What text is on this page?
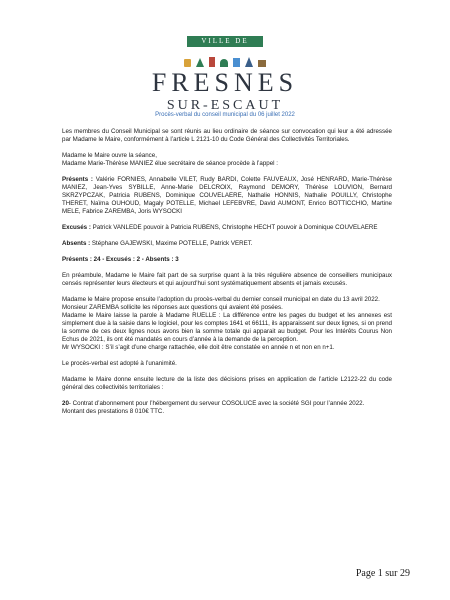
VILLE DE
FRESNES
SUR-ESCAUT
Procès-verbal du conseil municipal du 06 juillet 2022

Les membres du Conseil Municipal se sont réunis au lieu ordinaire de séance sur convocation qui leur a été adressée par Madame le Maire, conformément à l’article L 2121-10 du Code Général des Collectivités Territoriales.

Madame le Maire ouvre la séance,

Madame Marie-Thérèse MANIEZ élue secrétaire de séance procède à l’appel :

Présents : Valérie FORNIES, Annabelle VILET, Rudy BARDI, Colette FAUVEAUX, José HENRARD, Marie-Thérèse MANIEZ, Jean-Yves SYBILLE, Anne-Marie DELCROIX, Raymond DEMORY, Thérèse LOUVION, Bernard SKRZYPCZAK, Patricia RUBENS, Dominique COUVELAERE, Nathalie HONNIS, Nathalie POUILLY, Christophe THERET, Naïma OUHOUD, Magaly POTELLE, Michael LEFEBVRE, David AUMONT, Enrico BOTTICCHIO, Martine MELE, Fabrice ZAREMBA, Joris WYSOCKI

Excusés : Patrick VANLEDE pouvoir à Patricia RUBENS, Christophe HECHT pouvoir à Dominique COUVELAERE

Absents : Stéphane GAJEWSKI, Maxime POTELLE, Patrick VERET.

Présents : 24 - Excusés : 2 - Absents : 3

En préambule, Madame le Maire fait part de sa surprise quant à la très régulière absence de conseillers municipaux censés représenter leurs électeurs et qui aujourd’hui sont systématiquement absents et jamais excusés.

Madame le Maire propose ensuite l’adoption du procès-verbal du dernier conseil municipal en date du 13 avril 2022.

Monsieur ZAREMBA sollicite les réponses aux questions qui avaient été posées.

Madame le Maire laisse la parole à Madame RUELLE : La différence entre les pages du budget et les annexes est simplement due à la saisie dans le logiciel, pour les comptes 1641 et 66111, ils apparaissent sur deux lignes, si on prend la somme de ces deux lignes nous avons bien la somme totale qui apparait au budget. Pour les Intérêts Courus Non Echus de 2021, ils ont été mandatés en cours d’année à la demande de la perception.

Mr WYSOCKI : S’il s’agit d’une charge rattachée, elle doit être constatée en année n et non en n+1.

Le procès-verbal est adopté à l’unanimité.

Madame le Maire donne ensuite lecture de la liste des décisions prises en application de l’article L2122-22 du code général des collectivités territoriales :

20- Contrat d’abonnement pour l’hébergement du serveur COSOLUCE avec la société SGI pour l’année 2022.

Montant des prestations 8 010€ TTC.

Page 1 sur 29
